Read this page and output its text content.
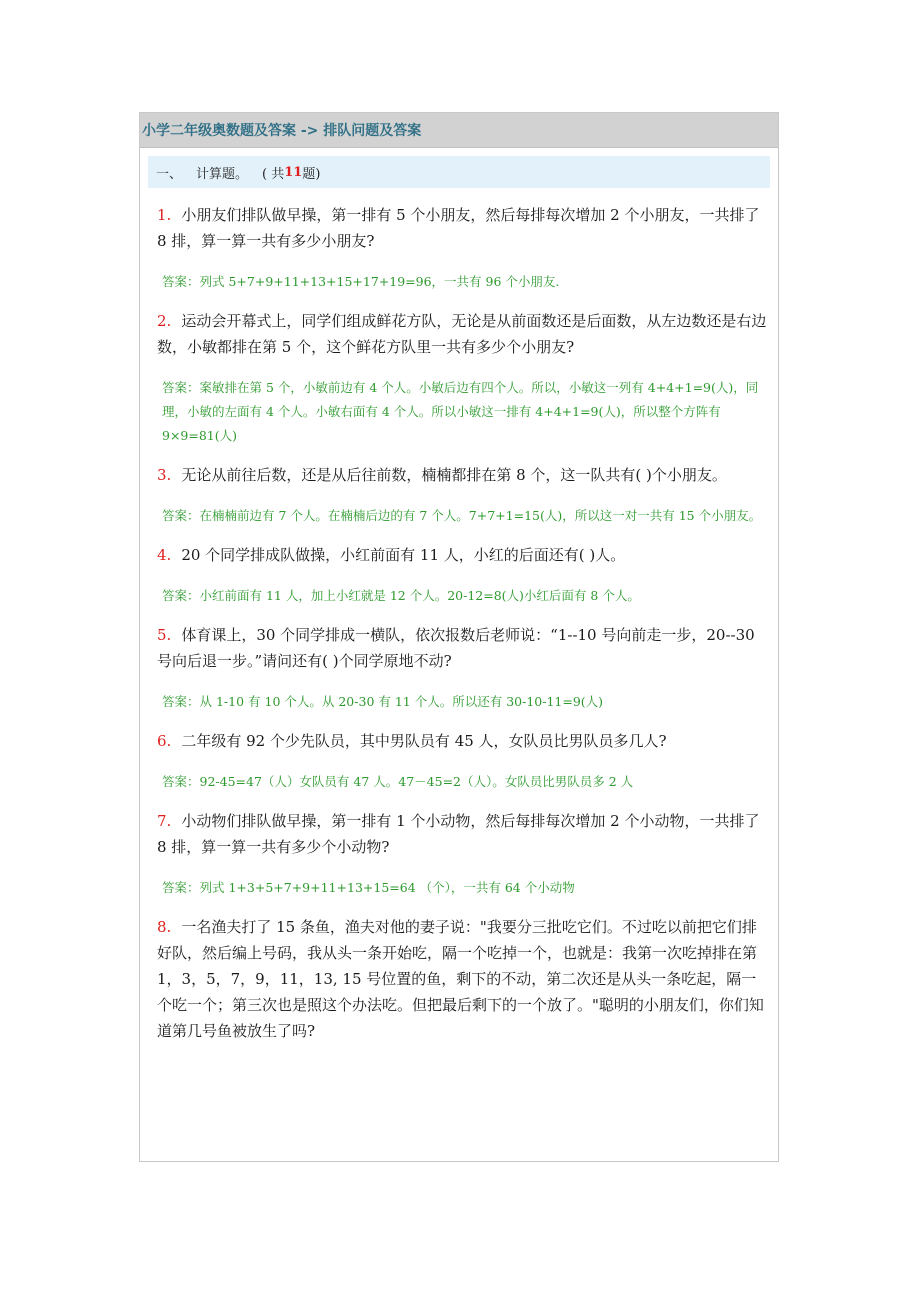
小学二年级奥数题及答案 -> 排队问题及答案
一、 计算题。 ( 共 11 题)
1. 小朋友们排队做早操，第一排有 5 个小朋友，然后每排每次增加 2 个小朋友，一共排了 8 排，算一算一共有多少小朋友?
答案：列式 5+7+9+11+13+15+17+19=96，一共有 96 个小朋友.
2. 运动会开幕式上，同学们组成鲜花方队，无论是从前面数还是后面数，从左边数还是右边数，小敏都排在第 5 个，这个鲜花方队里一共有多少个小朋友?
答案：案敏排在第 5 个，小敏前边有 4 个人。小敏后边有四个人。所以，小敏这一列有 4+4+1=9(人)，同理，小敏的左面有 4 个人。小敏右面有 4 个人。所以小敏这一排有 4+4+1=9(人)，所以整个方阵有 9×9=81(人)
3. 无论从前往后数，还是从后往前数，楠楠都排在第 8 个，这一队共有( )个小朋友。
答案：在楠楠前边有 7 个人。在楠楠后边的有 7 个人。7+7+1=15(人)，所以这一对一共有 15 个小朋友。
4. 20 个同学排成队做操，小红前面有 11 人，小红的后面还有( )人。
答案：小红前面有 11 人，加上小红就是 12 个人。20-12=8(人)小红后面有 8 个人。
5. 体育课上，30 个同学排成一横队，依次报数后老师说：“1--10 号向前走一步，20--30 号向后退一步。”请问还有( )个同学原地不动?
答案：从 1-10 有 10 个人。从 20-30 有 11 个人。所以还有 30-10-11=9(人)
6. 二年级有 92 个少先队员，其中男队员有 45 人，女队员比男队员多几人?
答案：92-45=47（人）女队员有 47 人。47－45=2（人）。女队员比男队员多 2 人
7. 小动物们排队做早操，第一排有 1 个小动物，然后每排每次增加 2 个小动物，一共排了 8 排，算一算一共有多少个小动物?
答案：列式 1+3+5+7+9+11+13+15=64 （个），一共有 64 个小动物
8. 一名渔夫打了 15 条鱼，渔夫对他的妻子说："我要分三批吃它们。不过吃以前把它们排好队，然后编上号码，我从头一条开始吃，隔一个吃掉一个，也就是：我第一次吃掉排在第 1，3，5，7，9，11，13, 15 号位置的鱼，剩下的不动，第二次还是从头一条吃起，隔一个吃一个；第三次也是照这个办法吃。但把最后剩下的一个放了。"聪明的小朋友们，你们知道第几号鱼被放生了吗?
